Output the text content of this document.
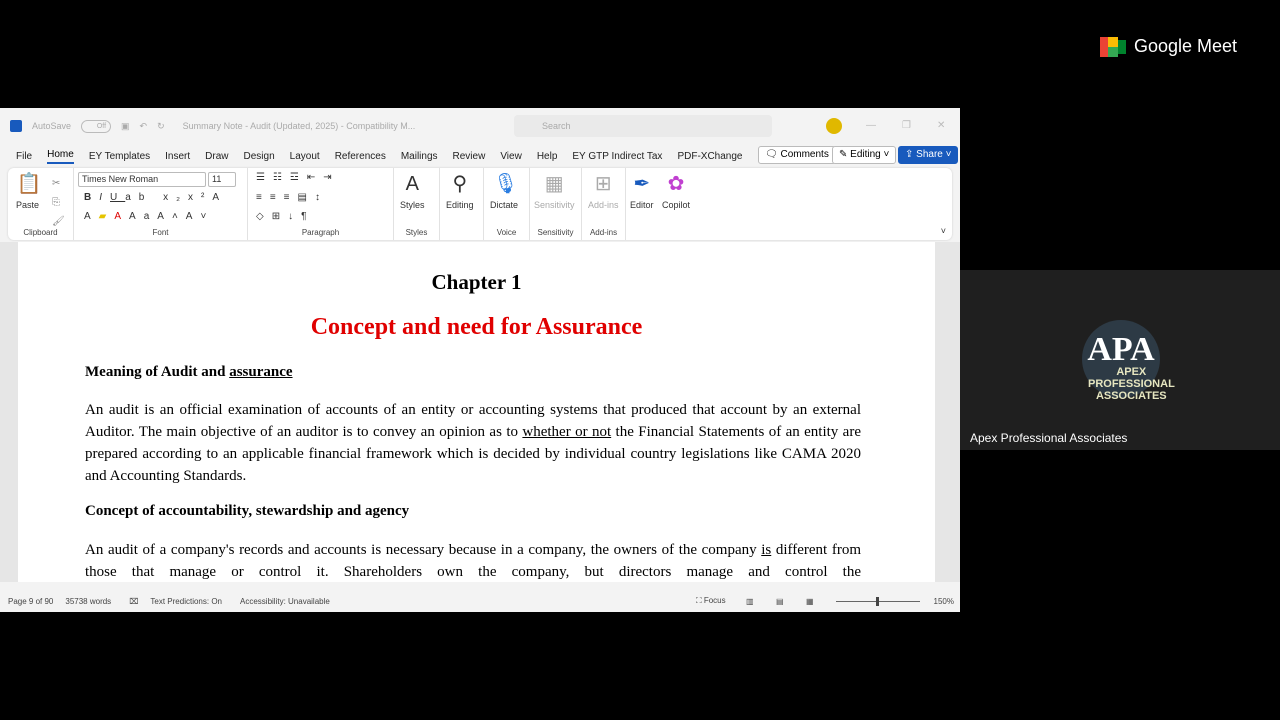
Google Meet
APA
APEX PROFESSIONAL ASSOCIATES
Apex Professional Associates
AutoSave	Off	▣ ↶ ↻ Summary Note - Audit (Updated, 2025) - Compatibility M...	Search	—	❐	✕
File Home EY Templates Insert Draw Design Layout References Mailings Review View Help EY GTP Indirect Tax PDF-XChange	🗨 Comments	✎ Editing ˅	⇪ Share ˅
📋
Paste
✂
⎘
🖌
Clipboard
Times New Roman	11
BIUab x₂x²A
A▰AAaA˄A˅
Font
☰☷☲⇤⇥
≡≡≡▤↕
◇⊞↓¶
Paragraph
A
Styles
Styles
⚲
Editing
🎙
Dictate
Voice
▦
Sensitivity
Sensitivity
⊞
Add-ins
Add-ins
✒
Editor
✿
Copilot
˅
Chapter 1
Concept and need for Assurance
Meaning of Audit and assurance
An audit is an official examination of accounts of an entity or accounting systems that produced that account by an external Auditor. The main objective of an auditor is to convey an opinion as to whether or not the Financial Statements of an entity are prepared according to an applicable financial framework which is decided by individual country legislations like CAMA 2020 and Accounting Standards.
Concept of accountability, stewardship and agency
An audit of a company's records and accounts is necessary because in a company, the owners of the company is different from those that manage or control it. Shareholders own the company, but directors manage and control the
Page 9 of 90 35738 words ⌧ Text Predictions: On Accessibility: Unavailable	⛶ Focus	▥	▤	▦	150%
